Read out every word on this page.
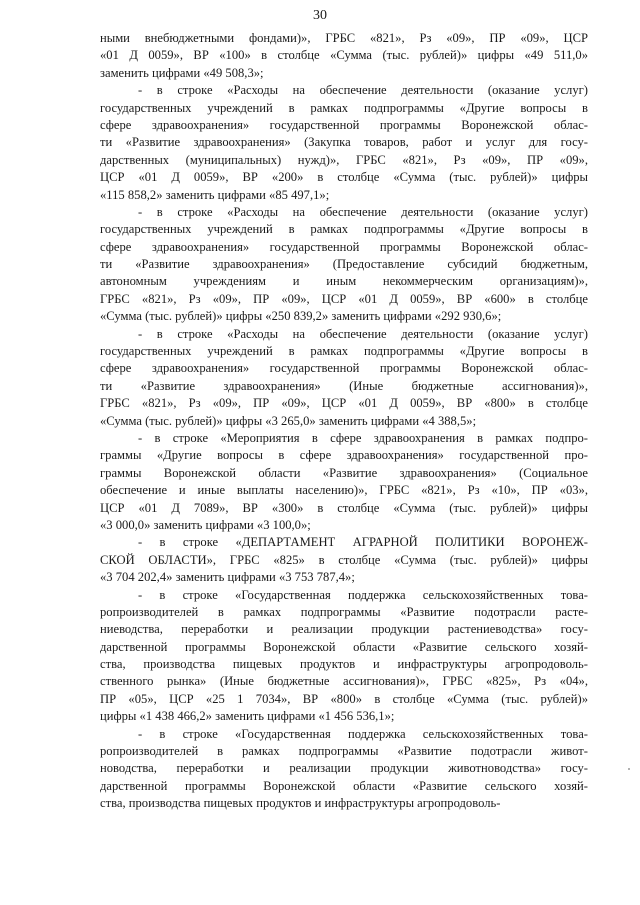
30
ными внебюджетными фондами)», ГРБС «821», Рз «09», ПР «09», ЦСР
«01 Д 0059», ВР «100» в столбце «Сумма (тыс. рублей)» цифры «49 511,0»
заменить цифрами «49 508,3»;
- в строке «Расходы на обеспечение деятельности (оказание услуг)
государственных учреждений в рамках подпрограммы «Другие вопросы в
сфере здравоохранения» государственной программы Воронежской облас-
ти «Развитие здравоохранения» (Закупка товаров, работ и услуг для госу-
дарственных (муниципальных) нужд)», ГРБС «821», Рз «09», ПР «09»,
ЦСР «01 Д 0059», ВР «200» в столбце «Сумма (тыс. рублей)» цифры
«115 858,2» заменить цифрами «85 497,1»;
- в строке «Расходы на обеспечение деятельности (оказание услуг)
государственных учреждений в рамках подпрограммы «Другие вопросы в
сфере здравоохранения» государственной программы Воронежской облас-
ти «Развитие здравоохранения» (Предоставление субсидий бюджетным,
автономным учреждениям и иным некоммерческим организациям)»,
ГРБС «821», Рз «09», ПР «09», ЦСР «01 Д 0059», ВР «600» в столбце
«Сумма (тыс. рублей)» цифры «250 839,2» заменить цифрами «292 930,6»;
- в строке «Расходы на обеспечение деятельности (оказание услуг)
государственных учреждений в рамках подпрограммы «Другие вопросы в
сфере здравоохранения» государственной программы Воронежской облас-
ти «Развитие здравоохранения» (Иные бюджетные ассигнования)»,
ГРБС «821», Рз «09», ПР «09», ЦСР «01 Д 0059», ВР «800» в столбце
«Сумма (тыс. рублей)» цифры «3 265,0» заменить цифрами «4 388,5»;
- в строке «Мероприятия в сфере здравоохранения в рамках подпро-
граммы «Другие вопросы в сфере здравоохранения» государственной про-
граммы Воронежской области «Развитие здравоохранения» (Социальное
обеспечение и иные выплаты населению)», ГРБС «821», Рз «10», ПР «03»,
ЦСР «01 Д 7089», ВР «300» в столбце «Сумма (тыс. рублей)» цифры
«3 000,0» заменить цифрами «3 100,0»;
- в строке «ДЕПАРТАМЕНТ АГРАРНОЙ ПОЛИТИКИ ВОРОНЕЖ-
СКОЙ ОБЛАСТИ», ГРБС «825» в столбце «Сумма (тыс. рублей)» цифры
«3 704 202,4» заменить цифрами «3 753 787,4»;
- в строке «Государственная поддержка сельскохозяйственных това-
ропроизводителей в рамках подпрограммы «Развитие подотрасли расте-
ниеводства, переработки и реализации продукции растениеводства» госу-
дарственной программы Воронежской области «Развитие сельского хозяй-
ства, производства пищевых продуктов и инфраструктуры агропродоволь-
ственного рынка» (Иные бюджетные ассигнования)», ГРБС «825», Рз «04»,
ПР «05», ЦСР «25 1 7034», ВР «800» в столбце «Сумма (тыс. рублей)»
цифры «1 438 466,2» заменить цифрами «1 456 536,1»;
- в строке «Государственная поддержка сельскохозяйственных това-
ропроизводителей в рамках подпрограммы «Развитие подотрасли живот-
новодства, переработки и реализации продукции животноводства» госу-
дарственной программы Воронежской области «Развитие сельского хозяй-
ства, производства пищевых продуктов и инфраструктуры агропродоволь-
